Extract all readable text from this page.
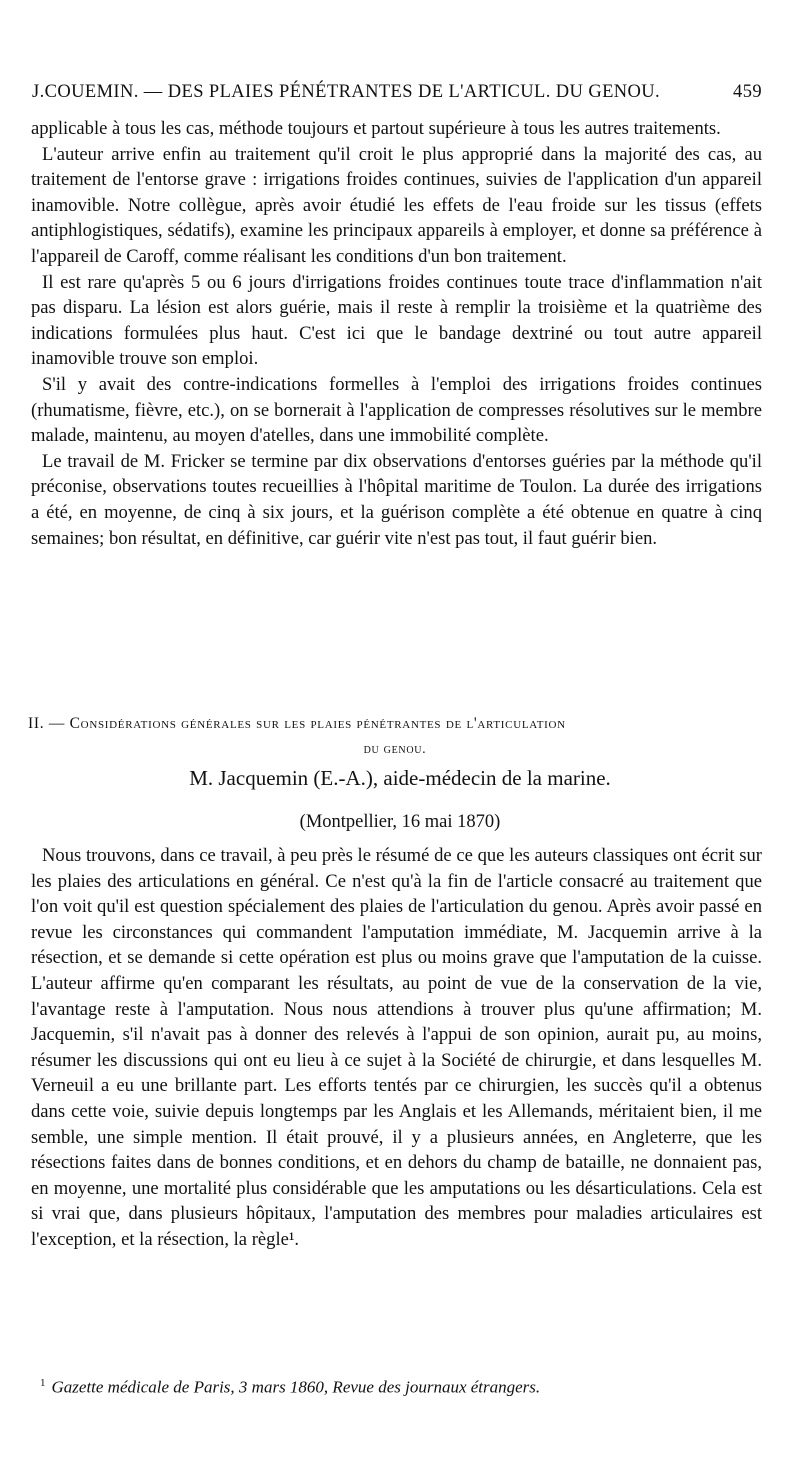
J.COUEMIN. — DES PLAIES PÉNÉTRANTES DE L'ARTICUL. DU GENOU.	459

applicable à tous les cas, méthode toujours et partout supérieure à tous les autres traitements.

L'auteur arrive enfin au traitement qu'il croit le plus approprié dans la majorité des cas, au traitement de l'entorse grave : irrigations froides continues, suivies de l'application d'un appareil inamovible. Notre collègue, après avoir étudié les effets de l'eau froide sur les tissus (effets antiphlogistiques, sédatifs), examine les principaux appareils à employer, et donne sa préférence à l'appareil de Caroff, comme réalisant les conditions d'un bon traitement.

Il est rare qu'après 5 ou 6 jours d'irrigations froides continues toute trace d'inflammation n'ait pas disparu. La lésion est alors guérie, mais il reste à remplir la troisième et la quatrième des indications formulées plus haut. C'est ici que le bandage dextriné ou tout autre appareil inamovible trouve son emploi.

S'il y avait des contre-indications formelles à l'emploi des irrigations froides continues (rhumatisme, fièvre, etc.), on se bornerait à l'application de compresses résolutives sur le membre malade, maintenu, au moyen d'atelles, dans une immobilité complète.

Le travail de M. Fricker se termine par dix observations d'entorses guéries par la méthode qu'il préconise, observations toutes recueillies à l'hôpital maritime de Toulon. La durée des irrigations a été, en moyenne, de cinq à six jours, et la guérison complète a été obtenue en quatre à cinq semaines; bon résultat, en définitive, car guérir vite n'est pas tout, il faut guérir bien.

II. — Considérations générales sur les plaies pénétrantes de l'articulation
du genou.
M. Jacquemin (E.-A.), aide-médecin de la marine.
(Montpellier, 16 mai 1870)

Nous trouvons, dans ce travail, à peu près le résumé de ce que les auteurs classiques ont écrit sur les plaies des articulations en général. Ce n'est qu'à la fin de l'article consacré au traitement que l'on voit qu'il est question spécialement des plaies de l'articulation du genou. Après avoir passé en revue les circonstances qui commandent l'amputation immédiate, M. Jacquemin arrive à la résection, et se demande si cette opération est plus ou moins grave que l'amputation de la cuisse. L'auteur affirme qu'en comparant les résultats, au point de vue de la conservation de la vie, l'avantage reste à l'amputation. Nous nous attendions à trouver plus qu'une affirmation; M. Jacquemin, s'il n'avait pas à donner des relevés à l'appui de son opinion, aurait pu, au moins, résumer les discussions qui ont eu lieu à ce sujet à la Société de chirurgie, et dans lesquelles M. Verneuil a eu une brillante part. Les efforts tentés par ce chirurgien, les succès qu'il a obtenus dans cette voie, suivie depuis longtemps par les Anglais et les Allemands, méritaient bien, il me semble, une simple mention. Il était prouvé, il y a plusieurs années, en Angleterre, que les résections faites dans de bonnes conditions, et en dehors du champ de bataille, ne donnaient pas, en moyenne, une mortalité plus considérable que les amputations ou les désarticulations. Cela est si vrai que, dans plusieurs hôpitaux, l'amputation des membres pour maladies articulaires est l'exception, et la résection, la règle¹.

$^1$ Gazette médicale de Paris, 3 mars 1860, Revue des journaux étrangers.
